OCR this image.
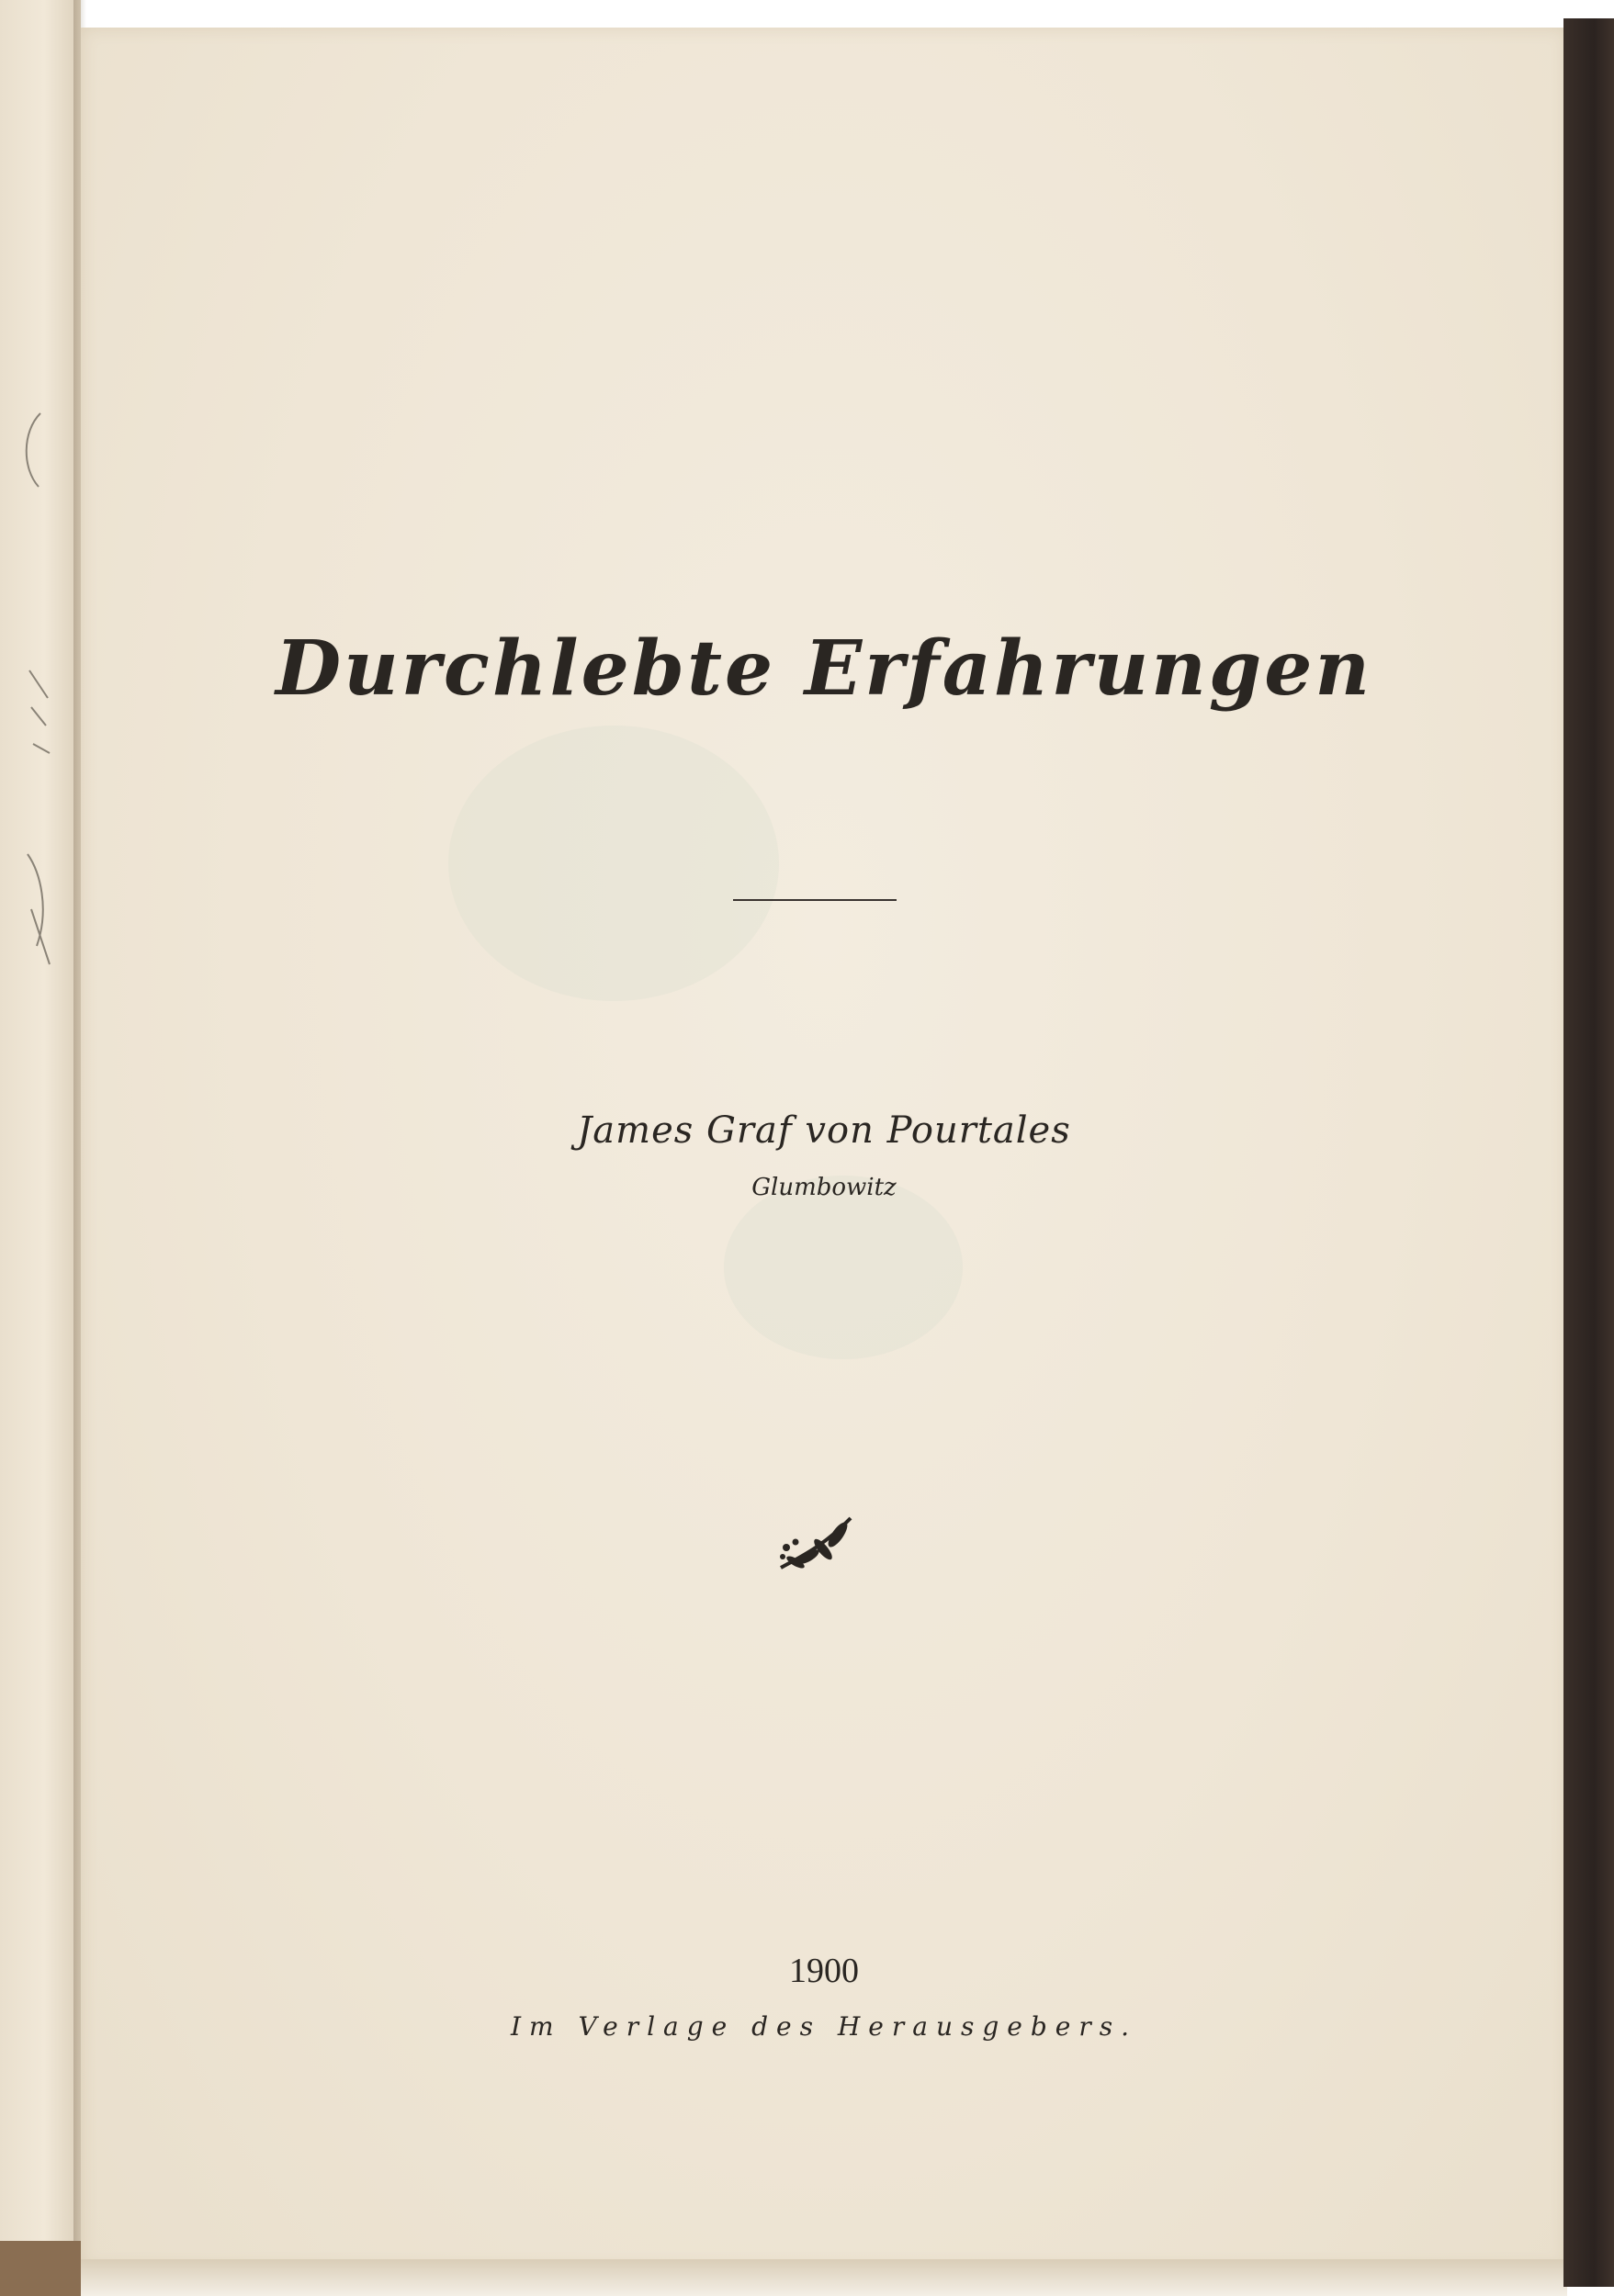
Durchlebte Erfahrungen
James Graf von Pourtales
Glumbowitz
1900
Im Verlage des Herausgebers.
